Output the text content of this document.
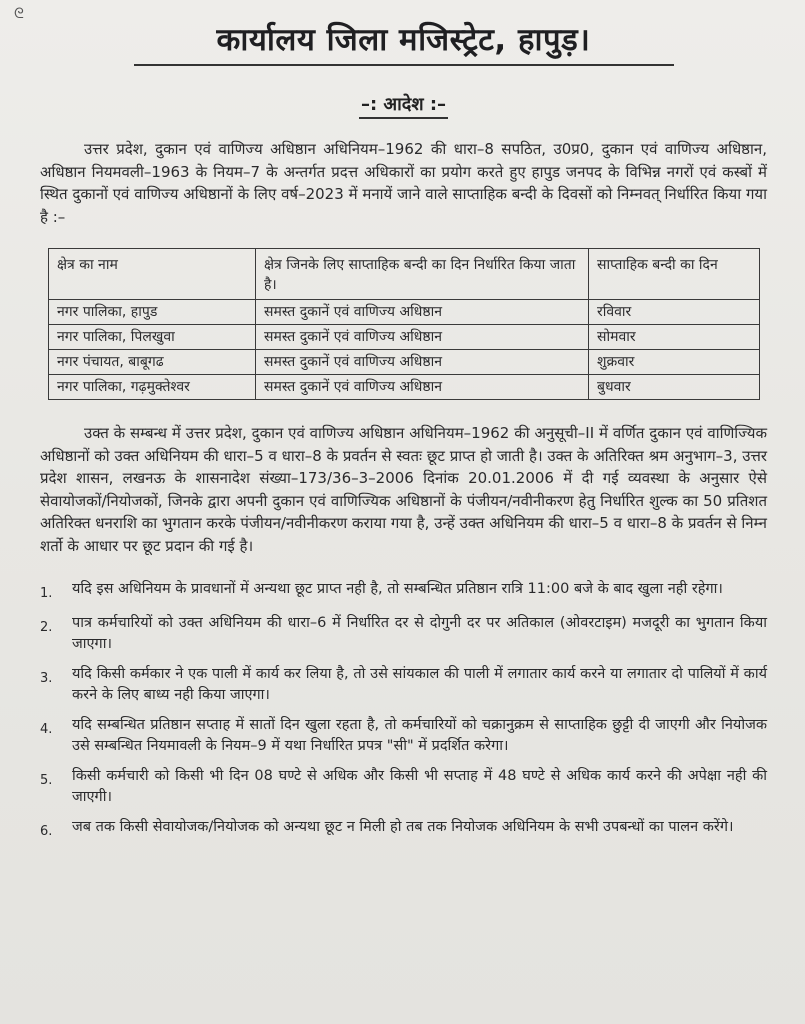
ᘓ
कार्यालय जिला मजिस्ट्रेट, हापुड़।
–: आदेश :–

उत्तर प्रदेश, दुकान एवं वाणिज्य अधिष्ठान अधिनियम–1962 की धारा–8 सपठित, उ0प्र0, दुकान एवं वाणिज्य अधिष्ठान, अधिष्ठान नियमवली–1963 के नियम–7 के अन्तर्गत प्रदत्त अधिकारों का प्रयोग करते हुए हापुड जनपद के विभिन्न नगरों एवं कस्बों में स्थित दुकानों एवं वाणिज्य अधिष्ठानों के लिए वर्ष–2023 में मनायें जाने वाले साप्ताहिक बन्दी के दिवसों को निम्नवत् निर्धारित किया गया है :–

क्षेत्र का नाम	क्षेत्र जिनके लिए साप्ताहिक बन्दी का दिन निर्धारित किया जाता है।	साप्ताहिक बन्दी का दिन
नगर पालिका, हापुड	समस्त दुकानें एवं वाणिज्य अधिष्ठान	रविवार
नगर पालिका, पिलखुवा	समस्त दुकानें एवं वाणिज्य अधिष्ठान	सोमवार
नगर पंचायत, बाबूगढ	समस्त दुकानें एवं वाणिज्य अधिष्ठान	शुक्रवार
नगर पालिका, गढ़मुक्तेश्वर	समस्त दुकानें एवं वाणिज्य अधिष्ठान	बुधवार

उक्त के सम्बन्ध में उत्तर प्रदेश, दुकान एवं वाणिज्य अधिष्ठान अधिनियम–1962 की अनुसूची–II में वर्णित दुकान एवं वाणिज्यिक अधिष्ठानों को उक्त अधिनियम की धारा–5 व धारा–8 के प्रवर्तन से स्वतः छूट प्राप्त हो जाती है। उक्त के अतिरिक्त श्रम अनुभाग–3, उत्तर प्रदेश शासन, लखनऊ के शासनादेश संख्या–173/36–3–2006 दिनांक 20.01.2006 में दी गई व्यवस्था के अनुसार ऐसे सेवायोजकों/नियोजकों, जिनके द्वारा अपनी दुकान एवं वाणिज्यिक अधिष्ठानों के पंजीयन/नवीनीकरण हेतु निर्धारित शुल्क का 50 प्रतिशत अतिरिक्त धनराशि का भुगतान करके पंजीयन/नवीनीकरण कराया गया है, उन्हें उक्त अधिनियम की धारा–5 व धारा–8 के प्रवर्तन से निम्न शर्तो के आधार पर छूट प्रदान की गई है।

1.	यदि इस अधिनियम के प्रावधानों में अन्यथा छूट प्राप्त नही है, तो सम्बन्धित प्रतिष्ठान रात्रि 11:00 बजे के बाद खुला नही रहेगा।
2.	पात्र कर्मचारियों को उक्त अधिनियम की धारा–6 में निर्धारित दर से दोगुनी दर पर अतिकाल (ओवरटाइम) मजदूरी का भुगतान किया जाएगा।
3.	यदि किसी कर्मकार ने एक पाली में कार्य कर लिया है, तो उसे सांयकाल की पाली में लगातार कार्य करने या लगातार दो पालियों में कार्य करने के लिए बाध्य नही किया जाएगा।
4.	यदि सम्बन्धित प्रतिष्ठान सप्ताह में सातों दिन खुला रहता है, तो कर्मचारियों को चक्रानुक्रम से साप्ताहिक छुट्टी दी जाएगी और नियोजक उसे सम्बन्धित नियमावली के नियम–9 में यथा निर्धारित प्रपत्र "सी" में प्रदर्शित करेगा।
5.	किसी कर्मचारी को किसी भी दिन 08 घण्टे से अधिक और किसी भी सप्ताह में 48 घण्टे से अधिक कार्य करने की अपेक्षा नही की जाएगी।
6.	जब तक किसी सेवायोजक/नियोजक को अन्यथा छूट न मिली हो तब तक नियोजक अधिनियम के सभी उपबन्धों का पालन करेंगे।
